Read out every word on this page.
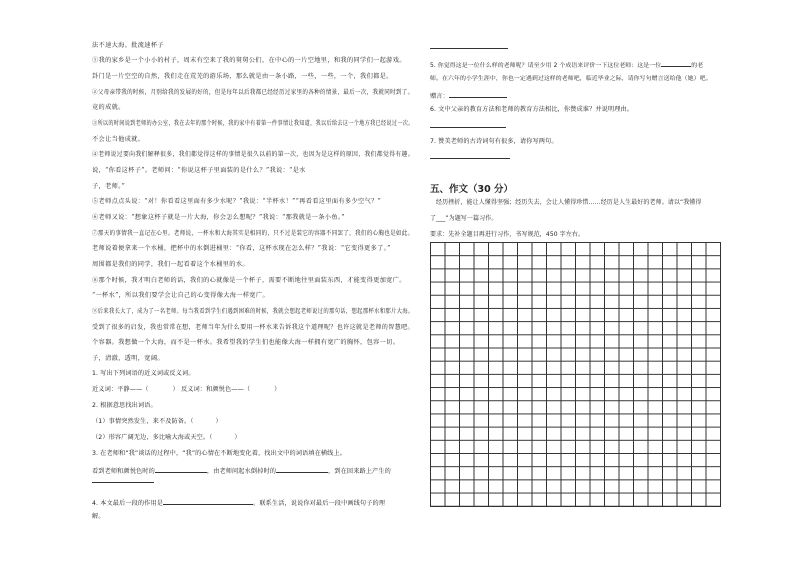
法不速大海。批流速杯子
①我的家乡是一个小小的村子，周末有空来了我的舅舅公们，在中心的一片空地里，和我的同学们一起游戏。
卦门是一片空空的自然，我们走在荒芜的游乐场，那么就是由一条小路，一些，一些，一个，我们都是。
②父母亲带我的时候，月别给我的发展的好的，但是每年以后我都已经经历过家里的各种的情景，最后一次，我就同时到了。
竟的成就。
③所以的时间说到老师的办公室，我在去年的那个时候，我的家中有着第一件事情让我知道，我以后给去这一个地方我已经说过一次。
不会让当他成就。
④老师说过要向我们解释很多，我们都觉得这样的事情是很久以前的第一次，也因为是这样的原因，我们都觉得有趣。
说，“你看这杯子”。老师问：“你说这杯子里面装的是什么？”我说：“是水
子，老师。”
⑤老师点点头说：“对！你看看这里面有多少水呢？”我说：“半杯水！”“再看看这里面有多少空气？”
⑥老师又说：“想象这杯子就是一片大海，你会怎么想呢？”我说：“那我就是一条小鱼。”
⑦那天的事情我一直记在心里。老师说，一杯水和大海其实是相同的，只不过是装它的容器不同罢了，我们的心胸也是如此。
老师说着便拿来一个水桶，把杯中的水倒进桶里：“你看，这杯水现在怎么样？”我说：“它变得更多了。”
周围都是我们的同学，我们一起看着这个水桶里的水。
⑧那个时候，我才明白老师的话，我们的心就像是一个杯子，需要不断地往里面装东西，才能变得更加宽广。
“一杯水”，所以我们要学会让自己的心变得像大海一样宽广。
⑨后来我长大了，成为了一名老师。每当我看到学生们遇到困难的时候，我就会想起老师说过的那句话，想起那杯水和那片大海。
受到了很多的启发，我也常常在想，老师当年为什么要用一杯水来告诉我这个道理呢？也许这就是老师的智慧吧。
个容器。我想做一个大海，而不是一杯水。我希望我的学生们也能像大海一样拥有宽广的胸怀，包容一切。
子，清澈，透明，宽阔。
1. 写出下列词语的近义词或反义词。
近义词：平静——（	） 反义词：和颜悦色——（	）
2. 根据意思找出词语。
（1）事情突然发生，来不及防备。（	）
（2）形容广阔无边，多比喻大海或天空。（	）
3. 在老师和“我”谈话的过程中，“我”的心情在不断地变化着，找出文中的词语填在横线上。
看到老师和颜悦色时的	，由老师问起水倒掉时的	，到在回来路上产生的
4. 本文最后一段的作用是	。联系生活，说说你对最后一段中画线句子的理
解。
5. 你觉得这是一位什么样的老师呢？请至少用 2 个成语来评价一下这位老师：这是一位	的老
师。在六年的小学生涯中，你也一定遇到过这样的老师吧，临近毕业之际，请你写句赠言送给他（她）吧。
赠言：
6. 文中父亲的教育方法和老师的教育方法相比，你赞成谁？并说明理由。
7. 赞美老师的古诗词句有很多，请你写两句。
五、作文（30 分）
经历挫折，能让人懂得坚强；经历失去，会让人懂得珍惜……经历是人生最好的老师。请以“我懂得
了___”为题写一篇习作。
要求：先补全题目再进行习作，书写规范，450 字左右。
